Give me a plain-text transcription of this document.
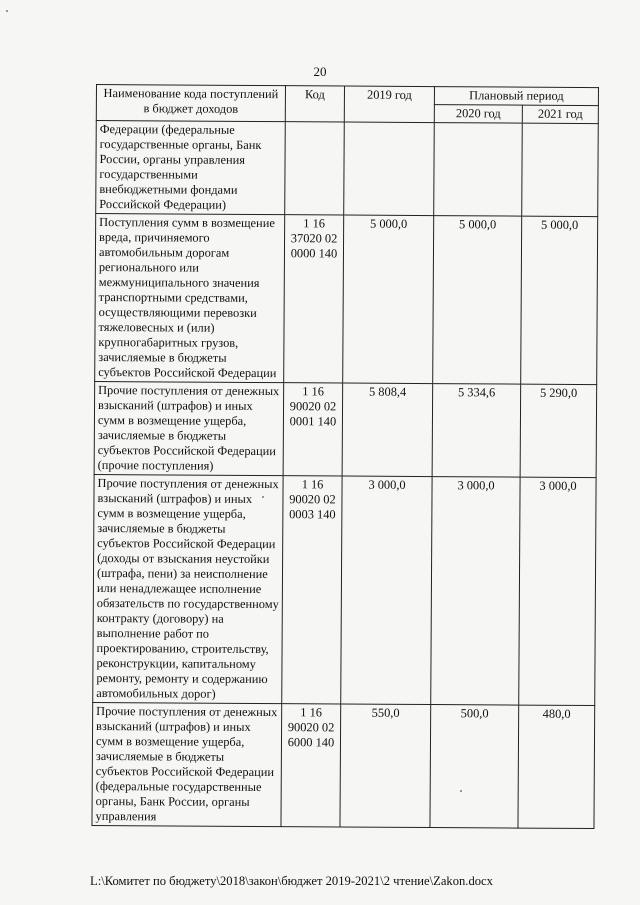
20
Наименование кода поступлений в бюджет доходов	Код	2019 год	Плановый период	
			2020 год	2021 год
Федерации (федеральные государственные органы, Банк России, органы управления государственными внебюджетными фондами Российской Федерации)				
Поступления сумм в возмещение вреда, причиняемого автомобильным дорогам регионального или межмуниципального значения транспортными средствами, осуществляющими перевозки тяжеловесных и (или) крупногабаритных грузов, зачисляемые в бюджеты субъектов Российской Федерации	1 16 37020 02 0000 140	5 000,0	5 000,0	5 000,0
Прочие поступления от денежных взысканий (штрафов) и иных сумм в возмещение ущерба, зачисляемые в бюджеты субъектов Российской Федерации (прочие поступления)	1 16 90020 02 0001 140	5 808,4	5 334,6	5 290,0
Прочие поступления от денежных взысканий (штрафов) и иных сумм в возмещение ущерба, зачисляемые в бюджеты субъектов Российской Федерации (доходы от взыскания неустойки (штрафа, пени) за неисполнение или ненадлежащее исполнение обязательств по государственному контракту (договору) на выполнение работ по проектированию, строительству, реконструкции, капитальному ремонту, ремонту и содержанию автомобильных дорог)	1 16 90020 02 0003 140	3 000,0	3 000,0	3 000,0
Прочие поступления от денежных взысканий (штрафов) и иных сумм в возмещение ущерба, зачисляемые в бюджеты субъектов Российской Федерации (федеральные государственные органы, Банк России, органы управления	1 16 90020 02 6000 140	550,0	500,0	480,0
L:\Комитет по бюджету\2018\закон\бюджет 2019-2021\2 чтение\Zakon.docx
